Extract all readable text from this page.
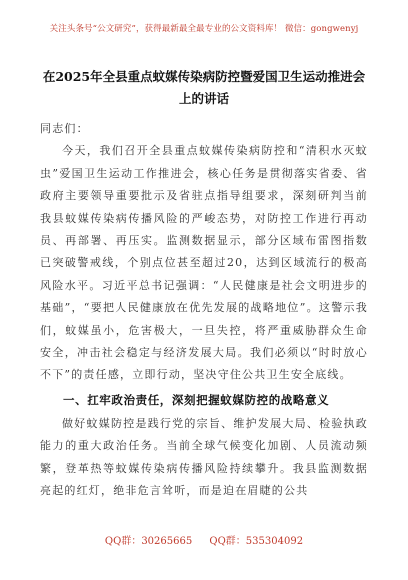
关注头条号“公文研究”，获得最新最全最专业的公文资料库！ 微信：gongwenyj
在2025年全县重点蚊媒传染病防控暨爱国卫生运动推进会上的讲话

同志们：

今天，我们召开全县重点蚊媒传染病防控和“清积水灭蚊虫”爱国卫生运动工作推进会，核心任务是贯彻落实省委、省政府主要领导重要批示及省驻点指导组要求，深刻研判当前我县蚊媒传染病传播风险的严峻态势，对防控工作进行再动员、再部署、再压实。监测数据显示，部分区域布雷图指数已突破警戒线，个别点位甚至超过20，达到区域流行的极高风险水平。习近平总书记强调：“人民健康是社会文明进步的基础”，“要把人民健康放在优先发展的战略地位”。这警示我们，蚊媒虽小，危害极大，一旦失控，将严重威胁群众生命安全，冲击社会稳定与经济发展大局。我们必须以“时时放心不下”的责任感，立即行动，坚决守住公共卫生安全底线。

一、扛牢政治责任，深刻把握蚊媒防控的战略意义

做好蚊媒防控是践行党的宗旨、维护发展大局、检验执政能力的重大政治任务。当前全球气候变化加剧、人员流动频繁，登革热等蚊媒传染病传播风险持续攀升。我县监测数据亮起的红灯，绝非危言耸听，而是迫在眉睫的公共

QQ群：30265665 QQ群：535304092
